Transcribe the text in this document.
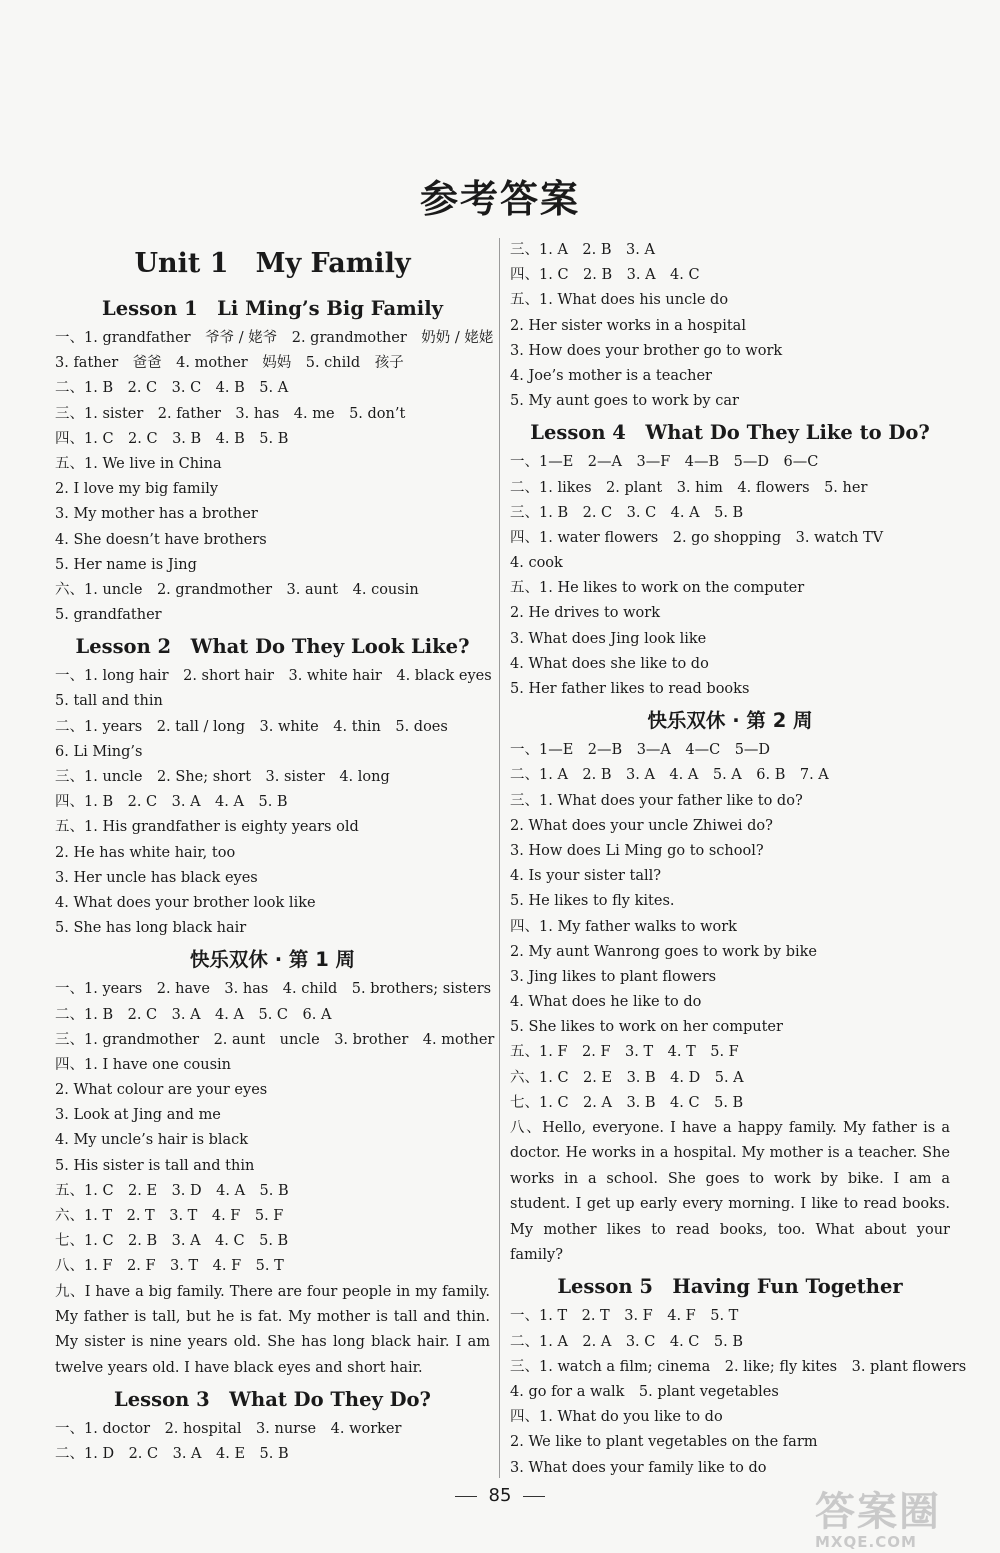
参考答案
Unit 1　My Family
Lesson 1　Li Ming’s Big Family
一、1. grandfather　爷爷 / 姥爷　2. grandmother　奶奶 / 姥姥
3. father　爸爸　4. mother　妈妈　5. child　孩子
二、1. B　2. C　3. C　4. B　5. A
三、1. sister　2. father　3. has　4. me　5. don’t
四、1. C　2. C　3. B　4. B　5. B
五、1. We live in China
2. I love my big family
3. My mother has a brother
4. She doesn’t have brothers
5. Her name is Jing
六、1. uncle　2. grandmother　3. aunt　4. cousin
5. grandfather
Lesson 2　What Do They Look Like?
一、1. long hair　2. short hair　3. white hair　4. black eyes
5. tall and thin
二、1. years　2. tall / long　3. white　4. thin　5. does
6. Li Ming’s
三、1. uncle　2. She; short　3. sister　4. long
四、1. B　2. C　3. A　4. A　5. B
五、1. His grandfather is eighty years old
2. He has white hair, too
3. Her uncle has black eyes
4. What does your brother look like
5. She has long black hair
快乐双休 · 第 1 周
一、1. years　2. have　3. has　4. child　5. brothers; sisters
二、1. B　2. C　3. A　4. A　5. C　6. A
三、1. grandmother　2. aunt　uncle　3. brother　4. mother
四、1. I have one cousin
2. What colour are your eyes
3. Look at Jing and me
4. My uncle’s hair is black
5. His sister is tall and thin
五、1. C　2. E　3. D　4. A　5. B
六、1. T　2. T　3. T　4. F　5. F
七、1. C　2. B　3. A　4. C　5. B
八、1. F　2. F　3. T　4. F　5. T
九、I have a big family. There are four people in my family. My father is tall, but he is fat. My mother is tall and thin. My sister is nine years old. She has long black hair. I am twelve years old. I have black eyes and short hair.
Lesson 3　What Do They Do?
一、1. doctor　2. hospital　3. nurse　4. worker
二、1. D　2. C　3. A　4. E　5. B
三、1. A　2. B　3. A
四、1. C　2. B　3. A　4. C
五、1. What does his uncle do
2. Her sister works in a hospital
3. How does your brother go to work
4. Joe’s mother is a teacher
5. My aunt goes to work by car
Lesson 4　What Do They Like to Do?
一、1—E　2—A　3—F　4—B　5—D　6—C
二、1. likes　2. plant　3. him　4. flowers　5. her
三、1. B　2. C　3. C　4. A　5. B
四、1. water flowers　2. go shopping　3. watch TV
4. cook
五、1. He likes to work on the computer
2. He drives to work
3. What does Jing look like
4. What does she like to do
5. Her father likes to read books
快乐双休 · 第 2 周
一、1—E　2—B　3—A　4—C　5—D
二、1. A　2. B　3. A　4. A　5. A　6. B　7. A
三、1. What does your father like to do?
2. What does your uncle Zhiwei do?
3. How does Li Ming go to school?
4. Is your sister tall?
5. He likes to fly kites.
四、1. My father walks to work
2. My aunt Wanrong goes to work by bike
3. Jing likes to plant flowers
4. What does he like to do
5. She likes to work on her computer
五、1. F　2. F　3. T　4. T　5. F
六、1. C　2. E　3. B　4. D　5. A
七、1. C　2. A　3. B　4. C　5. B
八、Hello, everyone. I have a happy family. My father is a doctor. He works in a hospital. My mother is a teacher. She works in a school. She goes to work by bike. I am a student. I get up early every morning. I like to read books. My mother likes to read books, too. What about your family?
Lesson 5　Having Fun Together
一、1. T　2. T　3. F　4. F　5. T
二、1. A　2. A　3. C　4. C　5. B
三、1. watch a film; cinema　2. like; fly kites　3. plant flowers
4. go for a walk　5. plant vegetables
四、1. What do you like to do
2. We like to plant vegetables on the farm
3. What does your family like to do
85	答案圈
MXQE.COM
